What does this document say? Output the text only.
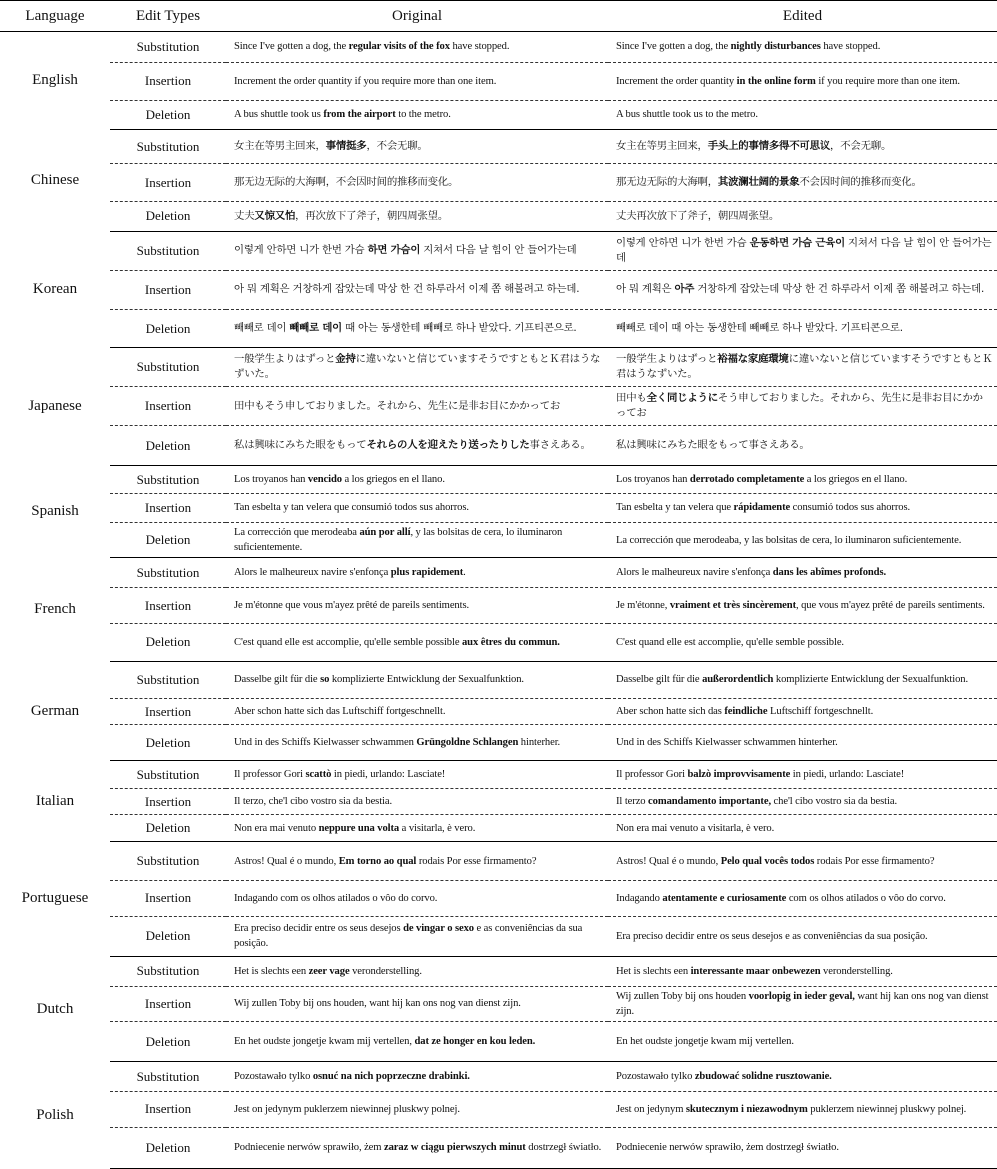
Language	Edit Types	Original	Edited
English	Substitution	Since I've gotten a dog, the regular visits of the fox have stopped.	Since I've gotten a dog, the nightly disturbances have stopped.
	Insertion	Increment the order quantity if you require more than one item.	Increment the order quantity in the online form if you require more than one item.
	Deletion	A bus shuttle took us from the airport to the metro.	A bus shuttle took us to the metro.
Chinese	Substitution	女主在等男主回来，事情挺多，不会无聊。	女主在等男主回来，手头上的事情多得不可思议，不会无聊。
	Insertion	那无边无际的大海啊，不会因时间的推移而变化。	那无边无际的大海啊，其波澜壮阔的景象不会因时间的推移而变化。
	Deletion	丈夫又惊又怕，再次放下了斧子，朝四周张望。	丈夫再次放下了斧子，朝四周张望。
Korean	Substitution	이렇게 안하면 니가 한번 가슴 하면 가슴이 지쳐서 다음 날 힘이 안 들어가는데	이렇게 안하면 니가 한번 가슴 운동하면 가슴 근육이 지쳐서 다음 날 힘이 안 들어가는데
	Insertion	아 뭐 계획은 거창하게 잡았는데 막상 한 건 하루라서 이제 쫌 해볼려고 하는데.	아 뭐 계획은 아주 거창하게 잡았는데 막상 한 건 하루라서 이제 쫌 해볼려고 하는데.
	Deletion	빼빼로 데이 빼빼로 데이 때 아는 동생한테 빼빼로 하나 받았다. 기프티콘으로.	빼빼로 데이 때 아는 동생한테 빼빼로 하나 받았다. 기프티콘으로.
Japanese	Substitution	一般学生よりはずっと金持に違いないと信じていますそうですともとＫ君はうなずいた。	一般学生よりはずっと裕福な家庭環境に違いないと信じていますそうですともとＫ君はうなずいた。
	Insertion	田中もそう申しておりました。それから、先生に是非お目にかかってお	田中も全く同じようにそう申しておりました。それから、先生に是非お目にかかってお
	Deletion	私は興味にみちた眼をもってそれらの人を迎えたり送ったりした事さえある。	私は興味にみちた眼をもって事さえある。
Spanish	Substitution	Los troyanos han vencido a los griegos en el llano.	Los troyanos han derrotado completamente a los griegos en el llano.
	Insertion	Tan esbelta y tan velera que consumió todos sus ahorros.	Tan esbelta y tan velera que rápidamente consumió todos sus ahorros.
	Deletion	La corrección que merodeaba aún por allí, y las bolsitas de cera, lo iluminaron suficientemente.	La corrección que merodeaba, y las bolsitas de cera, lo iluminaron suficientemente.
French	Substitution	Alors le malheureux navire s'enfonça plus rapidement.	Alors le malheureux navire s'enfonça dans les abîmes profonds.
	Insertion	Je m'étonne que vous m'ayez prêté de pareils sentiments.	Je m'étonne, vraiment et très sincèrement, que vous m'ayez prêté de pareils sentiments.
	Deletion	C'est quand elle est accomplie, qu'elle semble possible aux êtres du commun.	C'est quand elle est accomplie, qu'elle semble possible.
German	Substitution	Dasselbe gilt für die so komplizierte Entwicklung der Sexualfunktion.	Dasselbe gilt für die außerordentlich komplizierte Entwicklung der Sexualfunktion.
	Insertion	Aber schon hatte sich das Luftschiff fortgeschnellt.	Aber schon hatte sich das feindliche Luftschiff fortgeschnellt.
	Deletion	Und in des Schiffs Kielwasser schwammen Grüngoldne Schlangen hinterher.	Und in des Schiffs Kielwasser schwammen hinterher.
Italian	Substitution	Il professor Gori scattò in piedi, urlando: Lasciate!	Il professor Gori balzò improvvisamente in piedi, urlando: Lasciate!
	Insertion	Il terzo, che'l cibo vostro sia da bestia.	Il terzo comandamento importante, che'l cibo vostro sia da bestia.
	Deletion	Non era mai venuto neppure una volta a visitarla, è vero.	Non era mai venuto a visitarla, è vero.
Portuguese	Substitution	Astros! Qual é o mundo, Em torno ao qual rodais Por esse firmamento?	Astros! Qual é o mundo, Pelo qual vocês todos rodais Por esse firmamento?
	Insertion	Indagando com os olhos atilados o vôo do corvo.	Indagando atentamente e curiosamente com os olhos atilados o vôo do corvo.
	Deletion	Era preciso decidir entre os seus desejos de vingar o sexo e as conveniências da sua posição.	Era preciso decidir entre os seus desejos e as conveniências da sua posição.
Dutch	Substitution	Het is slechts een zeer vage veronderstelling.	Het is slechts een interessante maar onbewezen veronderstelling.
	Insertion	Wij zullen Toby bij ons houden, want hij kan ons nog van dienst zijn.	Wij zullen Toby bij ons houden voorlopig in ieder geval, want hij kan ons nog van dienst zijn.
	Deletion	En het oudste jongetje kwam mij vertellen, dat ze honger en kou leden.	En het oudste jongetje kwam mij vertellen.
Polish	Substitution	Pozostawało tylko osnuć na nich poprzeczne drabinki.	Pozostawało tylko zbudować solidne rusztowanie.
	Insertion	Jest on jedynym puklerzem niewinnej pluskwy polnej.	Jest on jedynym skutecznym i niezawodnym puklerzem niewinnej pluskwy polnej.
	Deletion	Podniecenie nerwów sprawiło, żem zaraz w ciągu pierwszych minut dostrzegł światło.	Podniecenie nerwów sprawiło, żem dostrzegł światło.
